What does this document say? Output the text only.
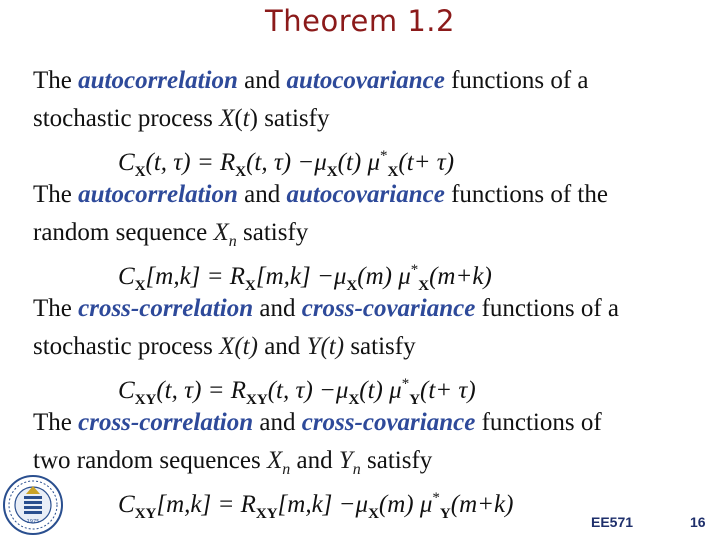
Theorem 1.2
The autocorrelation and autocovariance functions of a
stochastic process X(t) satisfy
$C_X(t$, $\tau) = R_X(t$, $\tau) -\mu_X(t)$ $\mu^*_X(t+ \tau)$
The autocorrelation and autocovariance functions of the
random sequence $X_n$ satisfy
$C_X[m,k] = R_X[m,k] -\mu_X(m)$ $\mu^*_X(m+k)$
The cross-correlation and cross-covariance functions of a
stochastic process X(t) and Y(t) satisfy
$C_{XY}(t$, $\tau) = R_{XY}(t$, $\tau) -\mu_X(t)$ $\mu^*_Y(t+ \tau)$
The cross-correlation and cross-covariance functions of
two random sequences $X_n$ and $Y_n$ satisfy
$C_{XY}[m,k] = R_{XY}[m,k] -\mu_X(m)$ $\mu^*_Y(m+k)$
1975	EE571	16
